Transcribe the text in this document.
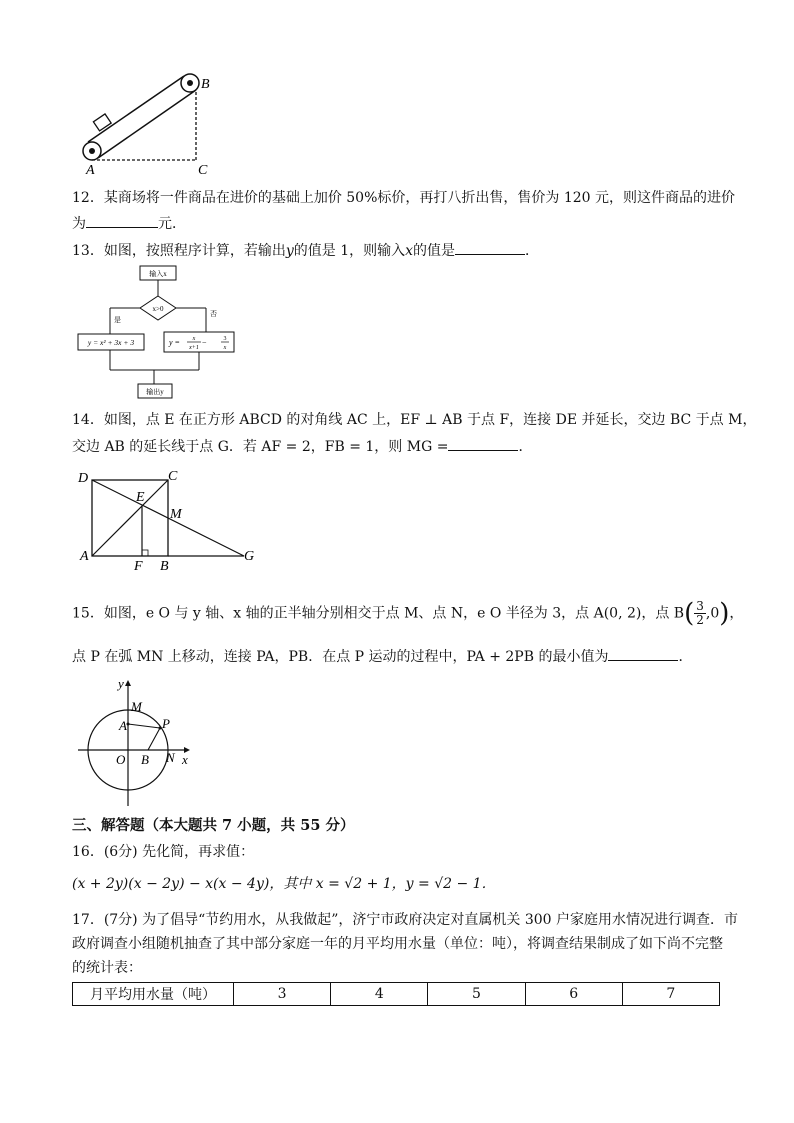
B
A	C
12．某商场将一件商品在进价的基础上加价 50%标价，再打八折出售，售价为 120 元，则这件商品的进价
为	元．
13．如图，按照程序计算，若输出y的值是 1，则输入x的值是	．
输入x
x>0
是
否
y = x² + 3x + 3	y = x
x+1
−	3
x
输出y
14．如图，点 E 在正方形 ABCD 的对角线 AC 上，EF ⊥ AB 于点 F，连接 DE 并延长，交边 BC 于点 M，
交边 AB 的延长线于点 G．若 AF = 2，FB = 1，则 MG =	．
D	C
E
M
A
F B
G
15．如图，e O 与 y 轴、x 轴的正半轴分别相交于点 M、点 N，e O 半径为 3，点 A(0, 2)，点 $B( \frac{3}{2} ,0)$，
点 P 在弧 MN 上移动，连接 PA，PB．在点 P 运动的过程中，PA + 2PB 的最小值为	．
y
M
A	P
O B N x
三、解答题（本大题共 7 小题，共 55 分）
16．(6分) 先化简，再求值：
(x + 2y)(x − 2y) − x(x − 4y)，其中 x = √2 + 1，y = √2 − 1．
17．(7分) 为了倡导“节约用水，从我做起”，济宁市政府决定对直属机关 300 户家庭用水情况进行调查．市
政府调查小组随机抽查了其中部分家庭一年的月平均用水量（单位：吨），将调查结果制成了如下尚不完整
的统计表：
月平均用水量（吨）	3	4	5	6	7
